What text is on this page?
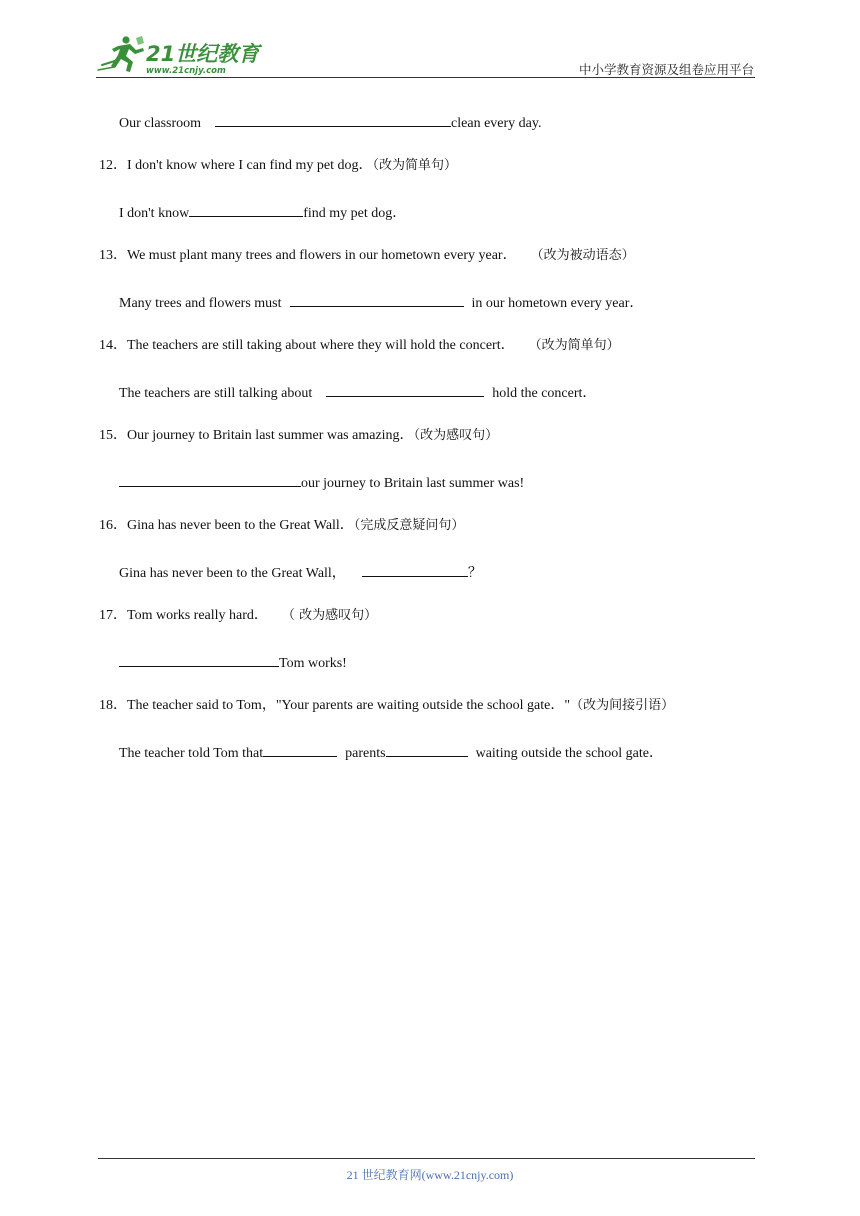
21世纪教育
www.21cnjy.com	中小学教育资源及组卷应用平台
Our classroom	clean every day.
12．I don't know where I can find my pet dog．（改为简单句）
I don't know	find my pet dog．
13．We must plant many trees and flowers in our hometown every year． （改为被动语态）
Many trees and flowers must	in our hometown every year．
14．The teachers are still taking about where they will hold the concert． （改为简单句）
The teachers are still talking about	hold the concert．
15．Our journey to Britain last summer was amazing．（改为感叹句）
our journey to Britain last summer was!
16．Gina has never been to the Great Wall．（完成反意疑问句）
Gina has never been to the Great Wall，	？
17．Tom works really hard． （ 改为感叹句）
Tom works!
18．The teacher said to Tom，"Your parents are waiting outside the school gate．"（改为间接引语）
The teacher told Tom that	parents	waiting outside the school gate．
21 世纪教育网(www.21cnjy.com)
